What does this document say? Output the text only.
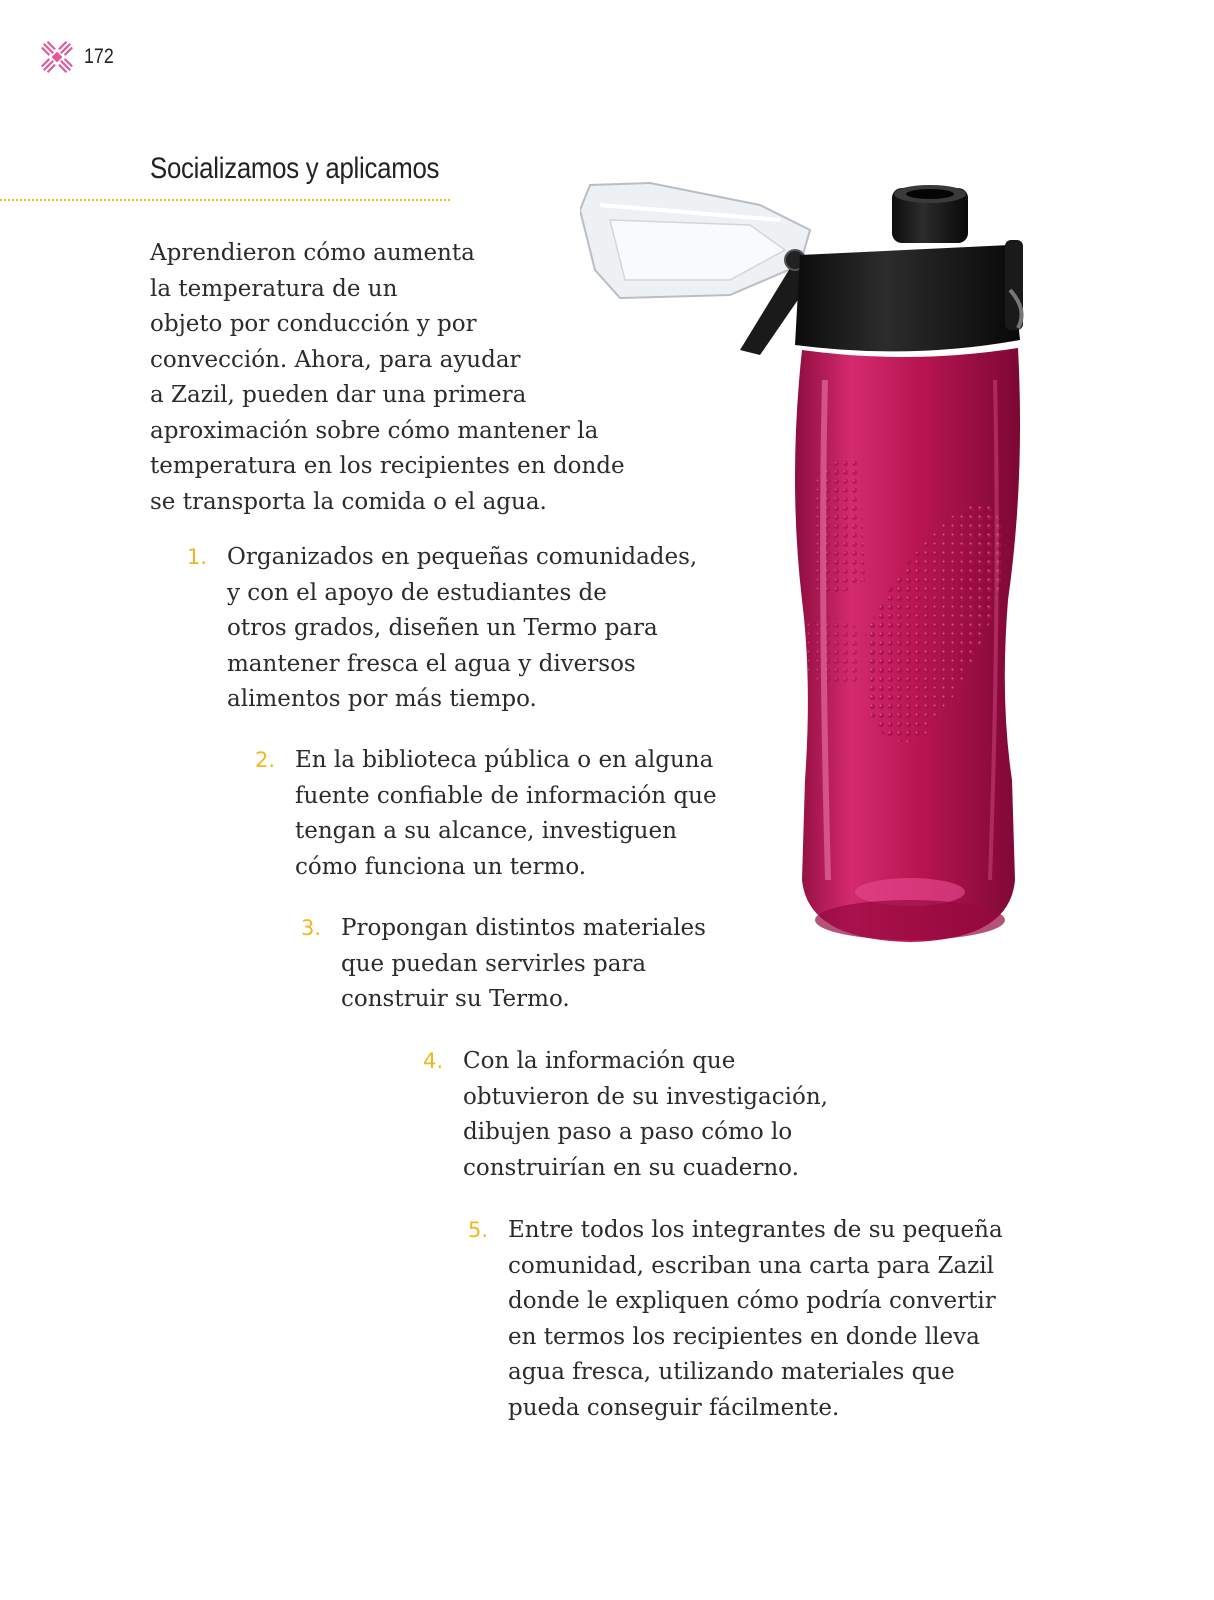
172
Socializamos y aplicamos

Aprendieron cómo aumenta
la temperatura de un
objeto por conducción y por
convección. Ahora, para ayudar
a Zazil, pueden dar una primera
aproximación sobre cómo mantener la
temperatura en los recipientes en donde
se transporta la comida o el agua.

1. Organizados en pequeñas comunidades,
y con el apoyo de estudiantes de
otros grados, diseñen un Termo para
mantener fresca el agua y diversos
alimentos por más tiempo.
2. En la biblioteca pública o en alguna
fuente confiable de información que
tengan a su alcance, investiguen
cómo funciona un termo.
3. Propongan distintos materiales
que puedan servirles para
construir su Termo.
4. Con la información que
obtuvieron de su investigación,
dibujen paso a paso cómo lo
construirían en su cuaderno.
5. Entre todos los integrantes de su pequeña
comunidad, escriban una carta para Zazil
donde le expliquen cómo podría convertir
en termos los recipientes en donde lleva
agua fresca, utilizando materiales que
pueda conseguir fácilmente.
